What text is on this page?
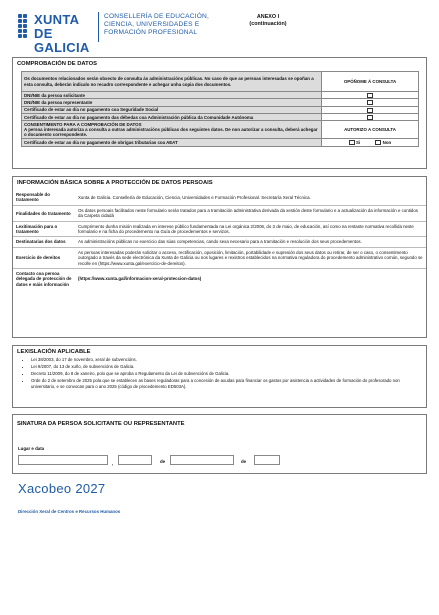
XUNTA
DE GALICIA
CONSELLERÍA DE EDUCACIÓN,
CIENCIA, UNIVERSIDADES E
FORMACIÓN PROFESIONAL
ANEXO I
(continuación)
COMPROBACIÓN DE DATOS
Os documentos relacionados serán obxecto de consulta ás administracións públicas. No caso de que as persoas interesadas se opoñan a esta consulta, deberán indicalo no recadro correspondente e achegar unha copia dos documentos.	OPÓÑOME Á CONSULTA
DNI/NIE da persoa solicitante	
DNI/NIE da persoa representante	
Certificado de estar ao día no pagamento coa Seguridade Social	
Certificado de estar ao día no pagamento das débedas coa Administración pública da Comunidade Autónoma	

CONSENTIMENTO PARA A COMPROBACIÓN DE DATOS
A persoa interesada autoriza a consulta a outras administracións públicas dos seguintes datos. De non autorizar a consulta, deberá achegar o documento correspondente.	AUTORIZO A CONSULTA
Certificado de estar ao día no pagamento de obrigas tributarias coa AEAT	Si Non
INFORMACIÓN BÁSICA SOBRE A PROTECCIÓN DE DATOS PERSOAIS
Responsable do tratamento	Xunta de Galicia. Consellería de Educación, Ciencia, Universidades e Formación Profesional. Secretaría Xeral Técnica.
Finalidades do tratamento	Os datos persoais facilitados neste formulario serán tratados para a tramitación administrativa derivada da xestión deste formulario e a actualización da información e contidos da Carpeta cidadá
Lexitimación para o tratamento	Cumprimento dunha misión realizada en interese público fundamentada na Lei orgánica 2/2006, do 3 de maio, de educación, así como na restante normativa recollida neste formulario e na ficha do procedemento na Guía de procedementos e servizos.
Destinatarias dos datos	As administracións públicas no exercicio das súas competencias, cando sexa necesario para a tramitación e resolución dos seus procedementos.
Exercicio de dereitos	As persoas interesadas poderán solicitar o acceso, rectificación, oposición, limitación, portabilidade e supresión dos seus datos ou retirar, de ser o caso, o consentimento outorgado a través da sede electrónica da Xunta de Galicia ou nos lugares e rexistros establecidos na normativa reguladora do procedemento administrativo común, segundo se recolle en (https://www.xunta.gal/exercicio-de-dereitos).
Contacto coa persoa delegada de protección de datos e máis información	(https://www.xunta.gal/informacion-xeral-proteccion-datos)
LEXISLACIÓN APLICABLE
• Lei 38/2003, do 17 de novembro, xeral de subvencións.
• Lei 9/2007, do 13 de xuño, de subvencións de Galicia.
• Decreto 11/2009, do 8 de xaneiro, polo que se aproba o Regulamento da Lei de subvencións de Galicia.
• Orde do 2 de setembro de 2025 pola que se establecen as bases reguladoras para a concesión de axudas para financiar os gastos por asistencia a actividades de formación do profesorado non universitario, e se convocan para o ano 2025 (código de procedemento ED503A).
SINATURA DA PERSOA SOLICITANTE OU REPRESENTANTE
Lugar e data
,	de	de
Xacobeo 2027
Dirección Xeral de Centros e Recursos Humanos
